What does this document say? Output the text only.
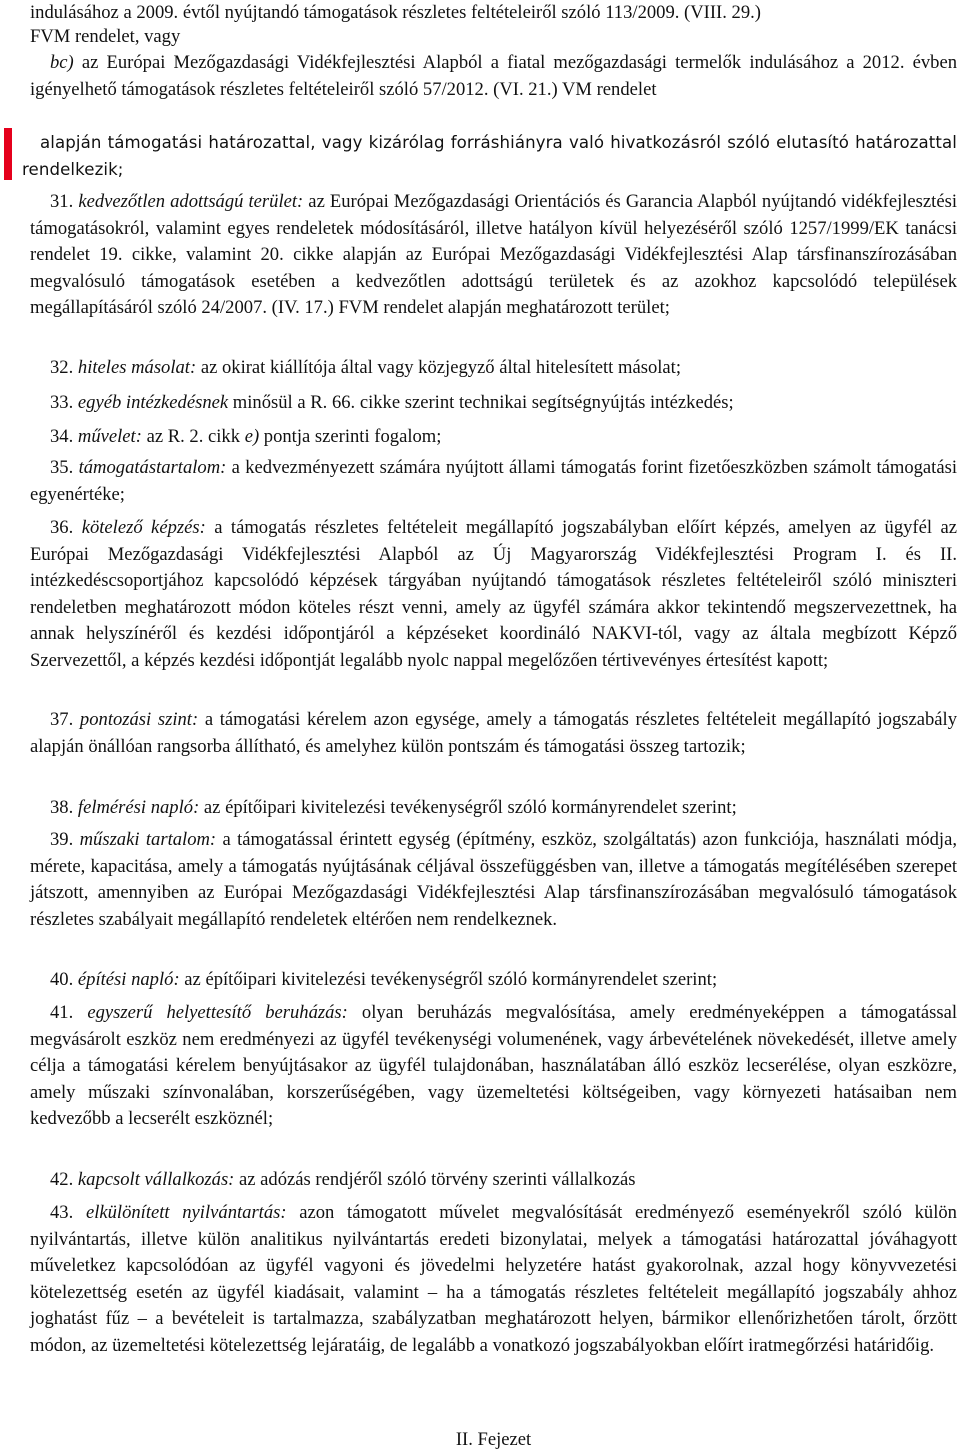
indulásához a 2009. évtől nyújtandó támogatások részletes feltételeiről szóló 113/2009. (VIII. 29.)

FVM rendelet, vagy

bc) az Európai Mezőgazdasági Vidékfejlesztési Alapból a fiatal mezőgazdasági termelők indulásához a 2012. évben igényelhető támogatások részletes feltételeiről szóló 57/2012. (VI. 21.) VM rendelet

alapján támogatási határozattal, vagy kizárólag forráshiányra való hivatkozásról szóló elutasító határozattal rendelkezik;

31. kedvezőtlen adottságú terület: az Európai Mezőgazdasági Orientációs és Garancia Alapból nyújtandó vidékfejlesztési támogatásokról, valamint egyes rendeletek módosításáról, illetve hatályon kívül helyezéséről szóló 1257/1999/EK tanácsi rendelet 19. cikke, valamint 20. cikke alapján az Európai Mezőgazdasági Vidékfejlesztési Alap társfinanszírozásában megvalósuló támogatások esetében a kedvezőtlen adottságú területek és az azokhoz kapcsolódó települések megállapításáról szóló 24/2007. (IV. 17.) FVM rendelet alapján meghatározott terület;

32. hiteles másolat: az okirat kiállítója által vagy közjegyző által hitelesített másolat;

33. egyéb intézkedésnek minősül a R. 66. cikke szerint technikai segítségnyújtás intézkedés;

34. művelet: az R. 2. cikk e) pontja szerinti fogalom;

35. támogatástartalom: a kedvezményezett számára nyújtott állami támogatás forint fizetőeszközben számolt támogatási egyenértéke;

36. kötelező képzés: a támogatás részletes feltételeit megállapító jogszabályban előírt képzés, amelyen az ügyfél az Európai Mezőgazdasági Vidékfejlesztési Alapból az Új Magyarország Vidékfejlesztési Program I. és II. intézkedéscsoportjához kapcsolódó képzések tárgyában nyújtandó támogatások részletes feltételeiről szóló miniszteri rendeletben meghatározott módon köteles részt venni, amely az ügyfél számára akkor tekintendő megszervezettnek, ha annak helyszínéről és kezdési időpontjáról a képzéseket koordináló NAKVI-tól, vagy az általa megbízott Képző Szervezettől, a képzés kezdési időpontját legalább nyolc nappal megelőzően tértivevényes értesítést kapott;

37. pontozási szint: a támogatási kérelem azon egysége, amely a támogatás részletes feltételeit megállapító jogszabály alapján önállóan rangsorba állítható, és amelyhez külön pontszám és támogatási összeg tartozik;

38. felmérési napló: az építőipari kivitelezési tevékenységről szóló kormányrendelet szerint;

39. műszaki tartalom: a támogatással érintett egység (építmény, eszköz, szolgáltatás) azon funkciója, használati módja, mérete, kapacitása, amely a támogatás nyújtásának céljával összefüggésben van, illetve a támogatás megítélésében szerepet játszott, amennyiben az Európai Mezőgazdasági Vidékfejlesztési Alap társfinanszírozásában megvalósuló támogatások részletes szabályait megállapító rendeletek eltérően nem rendelkeznek.

40. építési napló: az építőipari kivitelezési tevékenységről szóló kormányrendelet szerint;

41. egyszerű helyettesítő beruházás: olyan beruházás megvalósítása, amely eredményeképpen a támogatással megvásárolt eszköz nem eredményezi az ügyfél tevékenységi volumenének, vagy árbevételének növekedését, illetve amely célja a támogatási kérelem benyújtásakor az ügyfél tulajdonában, használatában álló eszköz lecserélése, olyan eszközre, amely műszaki színvonalában, korszerűségében, vagy üzemeltetési költségeiben, vagy környezeti hatásaiban nem kedvezőbb a lecserélt eszköznél;

42. kapcsolt vállalkozás: az adózás rendjéről szóló törvény szerinti vállalkozás

43. elkülönített nyilvántartás: azon támogatott művelet megvalósítását eredményező eseményekről szóló külön nyilvántartás, illetve külön analitikus nyilvántartás eredeti bizonylatai, melyek a támogatási határozattal jóváhagyott műveletkez kapcsolódóan az ügyfél vagyoni és jövedelmi helyzetére hatást gyakorolnak, azzal hogy könyvvezetési kötelezettség esetén az ügyfél kiadásait, valamint – ha a támogatás részletes feltételeit megállapító jogszabály ahhoz joghatást fűz – a bevételeit is tartalmazza, szabályzatban meghatározott helyen, bármikor ellenőrizhetően tárolt, őrzött módon, az üzemeltetési kötelezettség lejáratáig, de legalább a vonatkozó jogszabályokban előírt iratmegőrzési határidőig.

II. Fejezet
